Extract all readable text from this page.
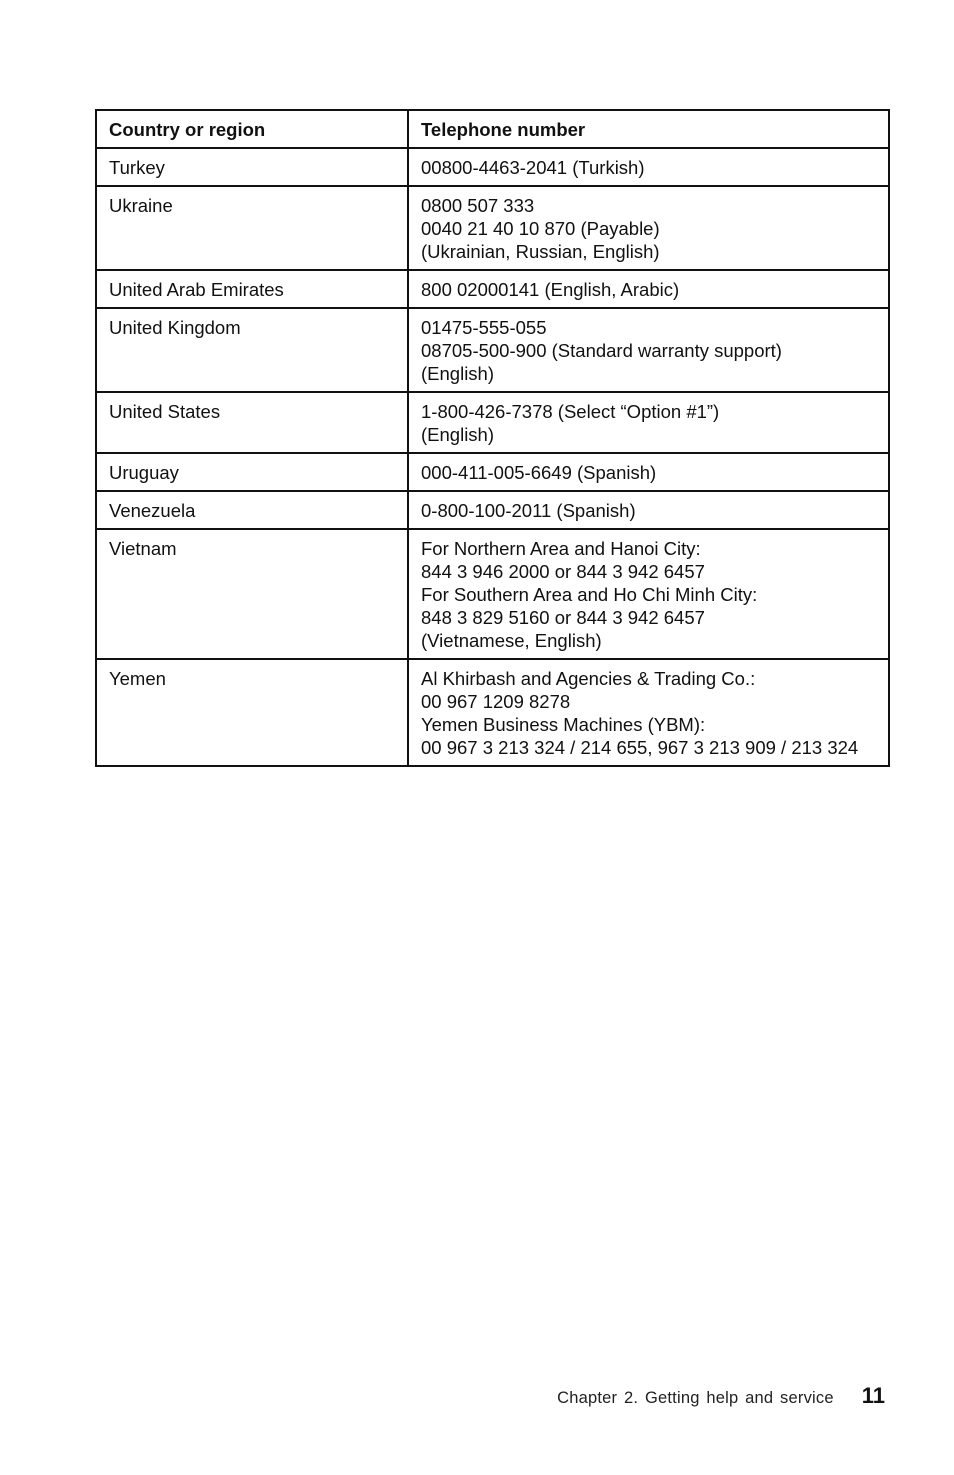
Country or region	Telephone number
Turkey	00800-4463-2041 (Turkish)

Ukraine	0800 507 333
0040 21 40 10 870 (Payable)
(Ukrainian, Russian, English)

United Arab Emirates	800 02000141 (English, Arabic)

United Kingdom	01475-555-055
08705-500-900 (Standard warranty support)
(English)

United States	1-800-426-7378 (Select “Option #1”)
(English)

Uruguay	000-411-005-6649 (Spanish)

Venezuela	0-800-100-2011 (Spanish)

Vietnam	For Northern Area and Hanoi City:
844 3 946 2000 or 844 3 942 6457
For Southern Area and Ho Chi Minh City:
848 3 829 5160 or 844 3 942 6457
(Vietnamese, English)

Yemen	Al Khirbash and Agencies & Trading Co.:
00 967 1209 8278
Yemen Business Machines (YBM):
00 967 3 213 324 / 214 655, 967 3 213 909 / 213 324
Chapter 2. Getting help and service 11
